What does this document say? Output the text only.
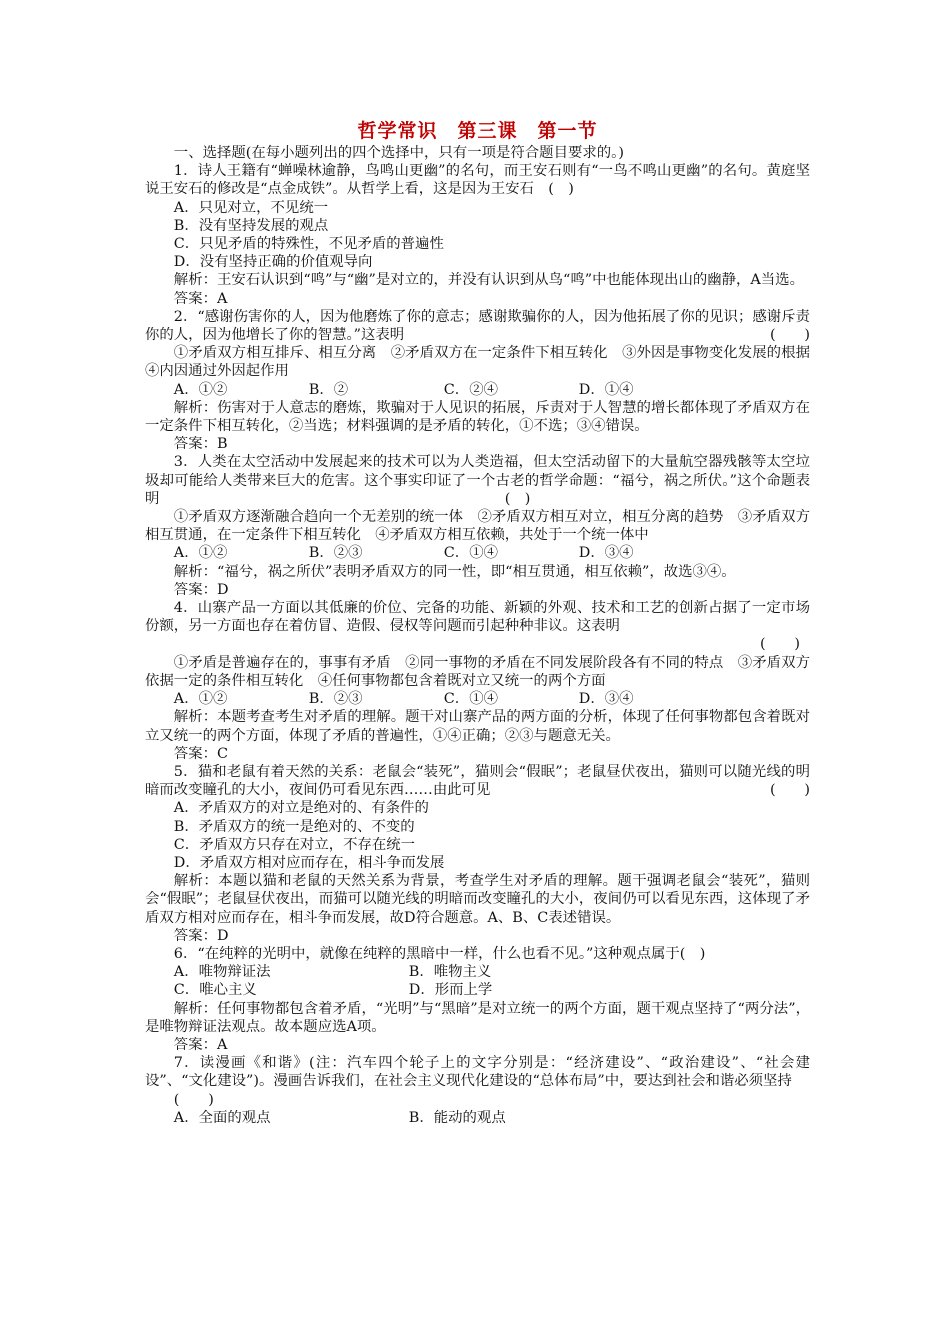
哲学常识　第三课　第一节

一、选择题(在每小题列出的四个选择中，只有一项是符合题目要求的。)

1．诗人王籍有“蝉噪林逾静，鸟鸣山更幽”的名句，而王安石则有“一鸟不鸣山更幽”的名句。黄庭坚说王安石的修改是“点金成铁”。从哲学上看，这是因为王安石　(　)

A．只见对立，不见统一

B．没有坚持发展的观点

C．只见矛盾的特殊性，不见矛盾的普遍性

D．没有坚持正确的价值观导向

解析：王安石认识到“鸣”与“幽”是对立的，并没有认识到从鸟“鸣”中也能体现出山的幽静，A当选。

答案：A

2．“感谢伤害你的人，因为他磨炼了你的意志；感谢欺骗你的人，因为他拓展了你的见识；感谢斥责你的人，因为他增长了你的智慧。”这表明	(　　)

①矛盾双方相互排斥、相互分离　②矛盾双方在一定条件下相互转化　③外因是事物变化发展的根据　④内因通过外因起作用

A．①②	B．②	C．②④	D．①④

解析：伤害对于人意志的磨炼，欺骗对于人见识的拓展，斥责对于人智慧的增长都体现了矛盾双方在一定条件下相互转化，②当选；材料强调的是矛盾的转化，①不选；③④错误。

答案：B

3．人类在太空活动中发展起来的技术可以为人类造福，但太空活动留下的大量航空器残骸等太空垃圾却可能给人类带来巨大的危害。这个事实印证了一个古老的哲学命题：“福兮，祸之所伏。”这个命题表明　　　　　　　　　　　　　　　　　　　　　　　　(　)

①矛盾双方逐渐融合趋向一个无差别的统一体　②矛盾双方相互对立，相互分离的趋势　③矛盾双方相互贯通，在一定条件下相互转化　④矛盾双方相互依赖，共处于一个统一体中

A．①②	B．②③	C．①④	D．③④

解析：“福兮，祸之所伏”表明矛盾双方的同一性，即“相互贯通，相互依赖”，故选③④。

答案：D

4．山寨产品一方面以其低廉的价位、完备的功能、新颖的外观、技术和工艺的创新占据了一定市场份额，另一方面也存在着仿冒、造假、侵权等问题而引起种种非议。这表明

(　　)

①矛盾是普遍存在的，事事有矛盾　②同一事物的矛盾在不同发展阶段各有不同的特点　③矛盾双方依据一定的条件相互转化　④任何事物都包含着既对立又统一的两个方面

A．①②	B．②③	C．①④	D．③④

解析：本题考查考生对矛盾的理解。题干对山寨产品的两方面的分析，体现了任何事物都包含着既对立又统一的两个方面，体现了矛盾的普遍性，①④正确；②③与题意无关。

答案：C

5．猫和老鼠有着天然的关系：老鼠会“装死”，猫则会“假眠”；老鼠昼伏夜出，猫则可以随光线的明暗而改变瞳孔的大小，夜间仍可看见东西……由此可见	(　　)

A．矛盾双方的对立是绝对的、有条件的

B．矛盾双方的统一是绝对的、不变的

C．矛盾双方只存在对立，不存在统一

D．矛盾双方相对应而存在，相斗争而发展

解析：本题以猫和老鼠的天然关系为背景，考查学生对矛盾的理解。题干强调老鼠会“装死”，猫则会“假眠”；老鼠昼伏夜出，而猫可以随光线的明暗而改变瞳孔的大小，夜间仍可以看见东西，这体现了矛盾双方相对应而存在，相斗争而发展，故D符合题意。A、B、C表述错误。

答案：D

6．“在纯粹的光明中，就像在纯粹的黑暗中一样，什么也看不见。”这种观点属于(　)

A．唯物辩证法	B．唯物主义
C．唯心主义	D．形而上学

解析：任何事物都包含着矛盾，“光明”与“黑暗”是对立统一的两个方面，题干观点坚持了“两分法”，是唯物辩证法观点。故本题应选A项。

答案：A

7．读漫画《和谐》(注：汽车四个轮子上的文字分别是：“经济建设”、“政治建设”、“社会建设”、“文化建设”)。漫画告诉我们，在社会主义现代化建设的“总体布局”中，要达到社会和谐必须坚持

(　　)

A．全面的观点	B．能动的观点
